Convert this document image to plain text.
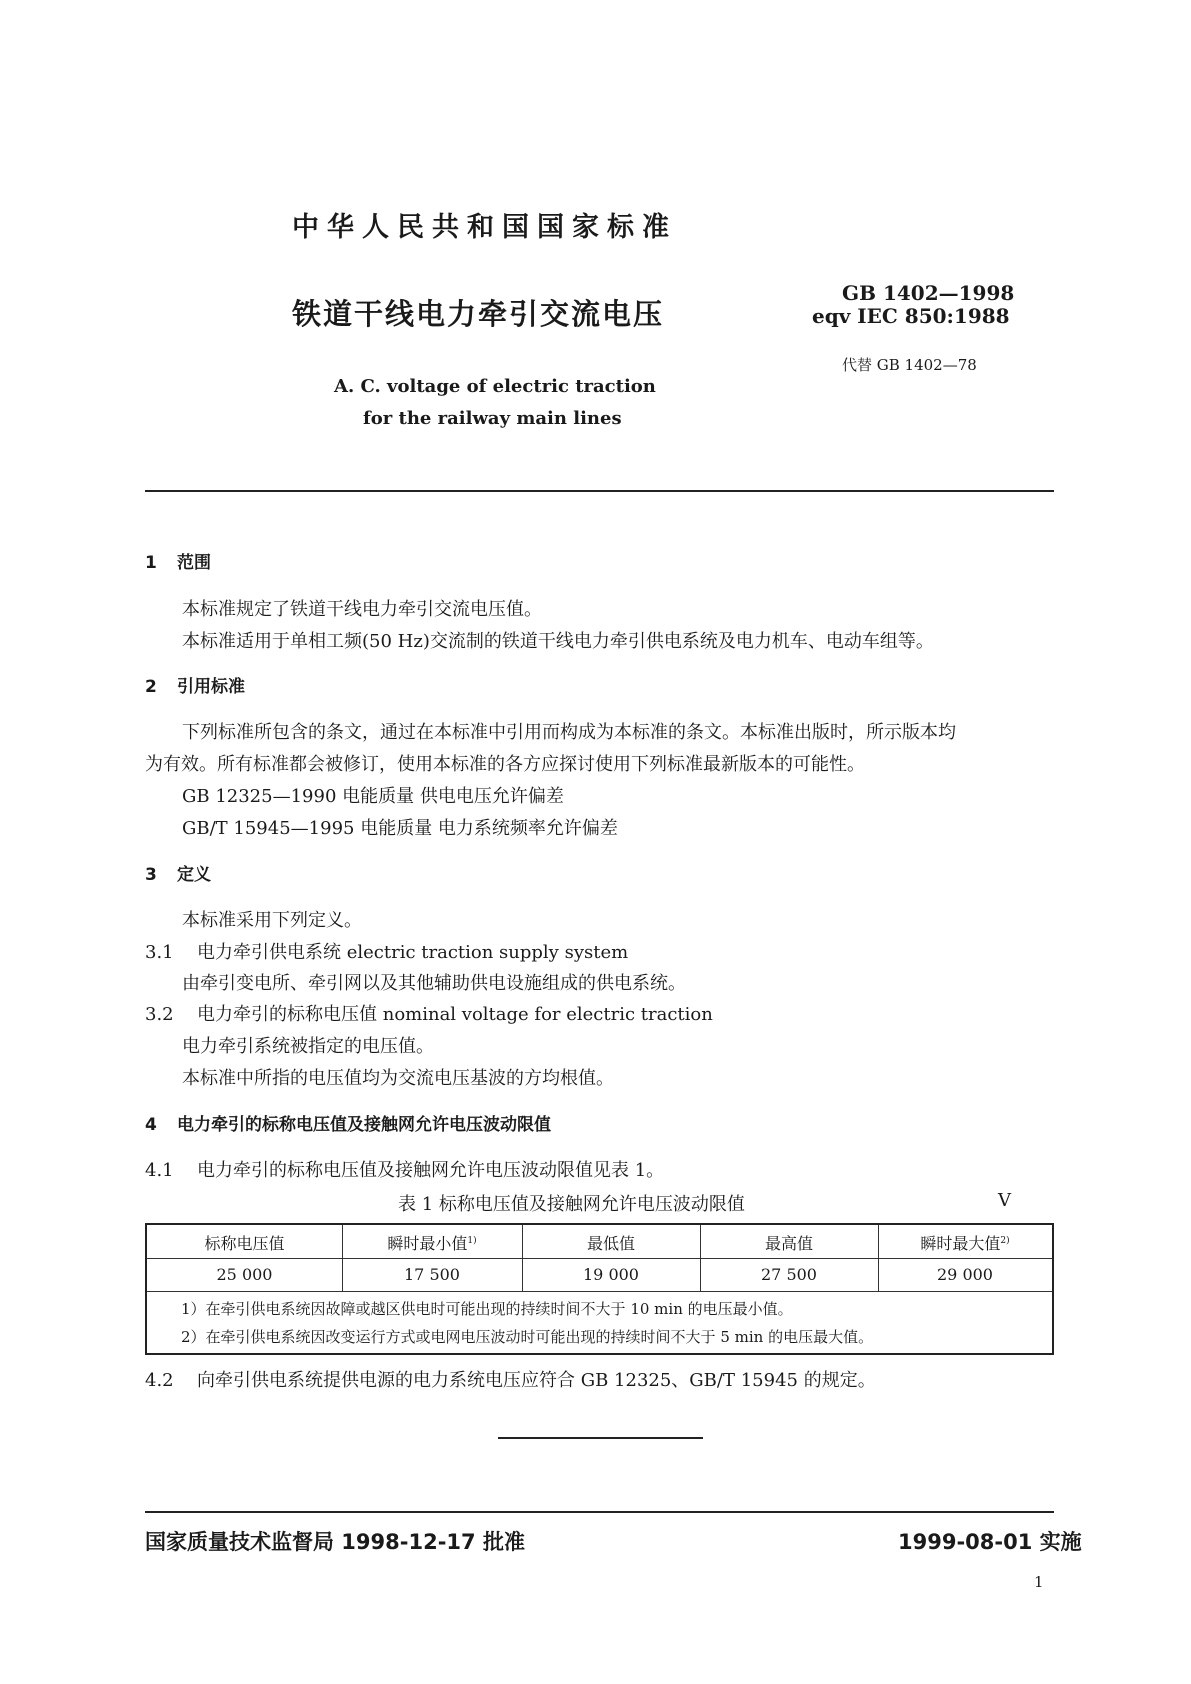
中华人民共和国国家标准
铁道干线电力牵引交流电压
GB 1402—1998
eqv IEC 850:1988
代替 GB 1402—78
A. C. voltage of electric traction
for the railway main lines
1 范围
本标准规定了铁道干线电力牵引交流电压值。
本标准适用于单相工频(50 Hz)交流制的铁道干线电力牵引供电系统及电力机车、电动车组等。
2 引用标准
下列标准所包含的条文，通过在本标准中引用而构成为本标准的条文。本标准出版时，所示版本均
为有效。所有标准都会被修订，使用本标准的各方应探讨使用下列标准最新版本的可能性。
GB 12325—1990 电能质量 供电电压允许偏差
GB/T 15945—1995 电能质量 电力系统频率允许偏差
3 定义
本标准采用下列定义。
3.1 电力牵引供电系统 electric traction supply system
由牵引变电所、牵引网以及其他辅助供电设施组成的供电系统。
3.2 电力牵引的标称电压值 nominal voltage for electric traction
电力牵引系统被指定的电压值。
本标准中所指的电压值均为交流电压基波的方均根值。
4 电力牵引的标称电压值及接触网允许电压波动限值
4.1 电力牵引的标称电压值及接触网允许电压波动限值见表 1。
表 1 标称电压值及接触网允许电压波动限值	V
标称电压值	瞬时最小值$^{1)}$	最低值	最高值	瞬时最大值$^{2)}$
25 000	17 500	19 000	27 500	29 000
1）在牵引供电系统因故障或越区供电时可能出现的持续时间不大于 10 min 的电压最小值。
2）在牵引供电系统因改变运行方式或电网电压波动时可能出现的持续时间不大于 5 min 的电压最大值。
4.2 向牵引供电系统提供电源的电力系统电压应符合 GB 12325、GB/T 15945 的规定。
国家质量技术监督局 1998-12-17 批准	1999-08-01 实施
1
